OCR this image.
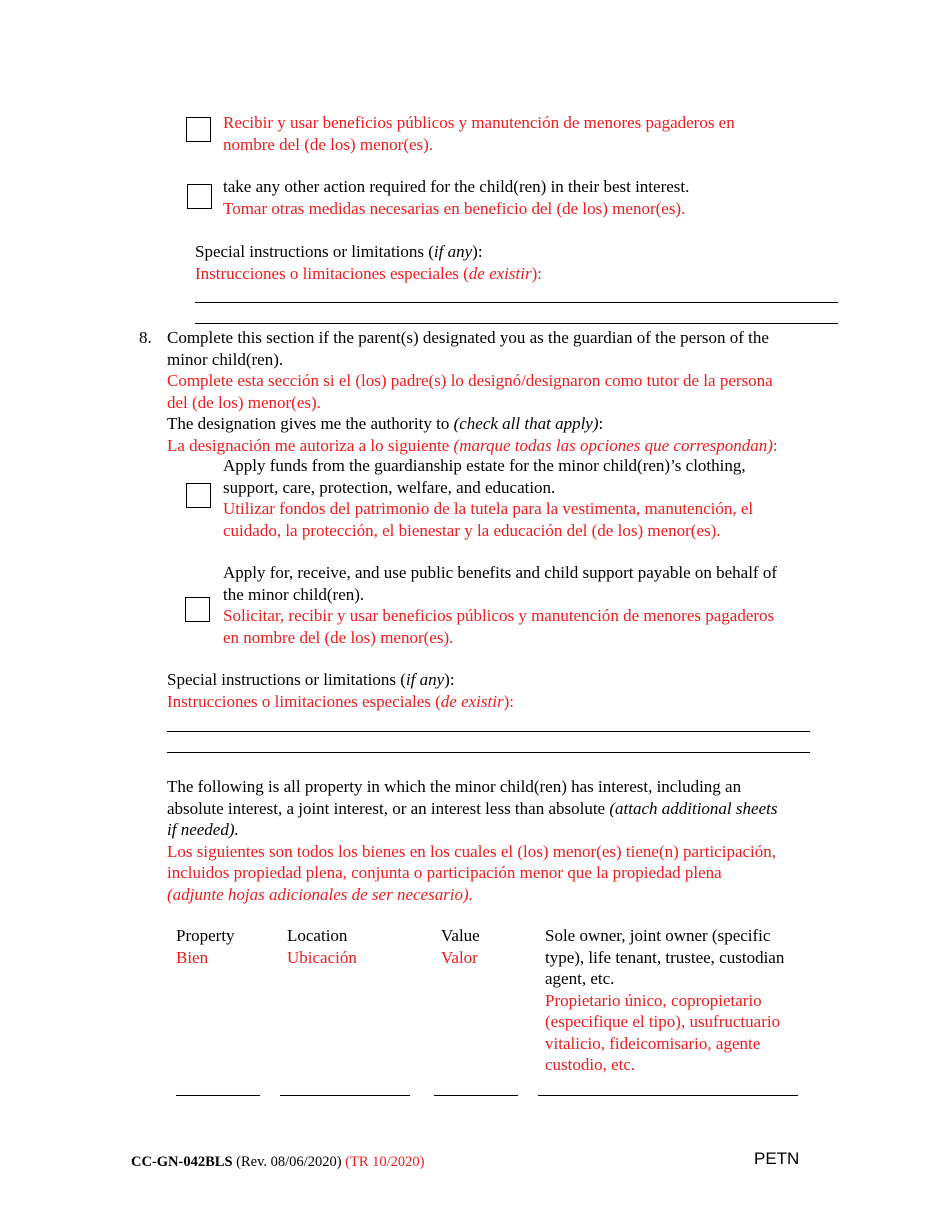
Recibir y usar beneficios públicos y manutención de menores pagaderos en
nombre del (de los) menor(es).
take any other action required for the child(ren) in their best interest.
Tomar otras medidas necesarias en beneficio del (de los) menor(es).
Special instructions or limitations (if any):
Instrucciones o limitaciones especiales (de existir):
8. Complete this section if the parent(s) designated you as the guardian of the person of the
minor child(ren).
Complete esta sección si el (los) padre(s) lo designó/designaron como tutor de la persona
del (de los) menor(es).
The designation gives me the authority to (check all that apply):
La designación me autoriza a lo siguiente (marque todas las opciones que correspondan):
Apply funds from the guardianship estate for the minor child(ren)’s clothing,
support, care, protection, welfare, and education.
Utilizar fondos del patrimonio de la tutela para la vestimenta, manutención, el
cuidado, la protección, el bienestar y la educación del (de los) menor(es).
Apply for, receive, and use public benefits and child support payable on behalf of
the minor child(ren).
Solicitar, recibir y usar beneficios públicos y manutención de menores pagaderos
en nombre del (de los) menor(es).
Special instructions or limitations (if any):
Instrucciones o limitaciones especiales (de existir):
The following is all property in which the minor child(ren) has interest, including an
absolute interest, a joint interest, or an interest less than absolute (attach additional sheets
if needed).
Los siguientes son todos los bienes en los cuales el (los) menor(es) tiene(n) participación,
incluidos propiedad plena, conjunta o participación menor que la propiedad plena
(adjunte hojas adicionales de ser necesario).
Property
Bien
Location
Ubicación
Value
Valor
Sole owner, joint owner (specific
type), life tenant, trustee, custodian
agent, etc.
Propietario único, copropietario
(especifique el tipo), usufructuario
vitalicio, fideicomisario, agente
custodio, etc.
CC-GN-042BLS (Rev. 08/06/2020) (TR 10/2020)	PETN
